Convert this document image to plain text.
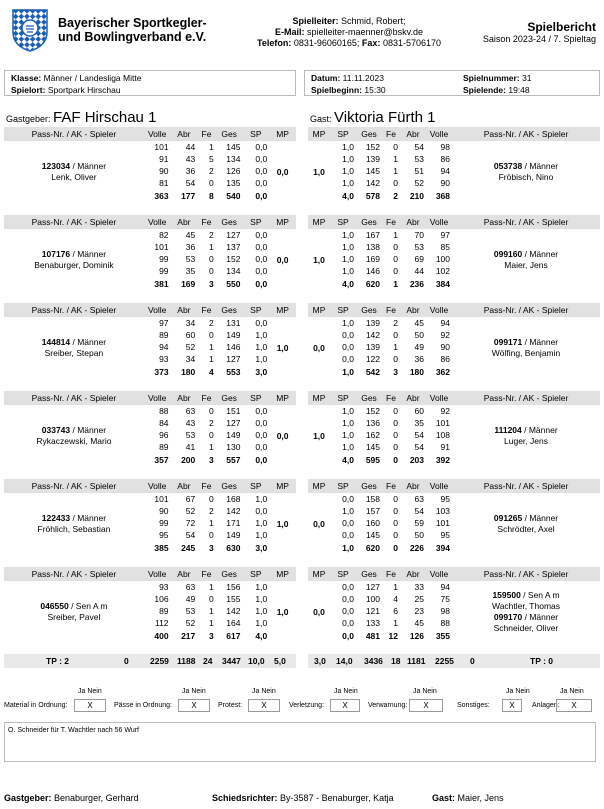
Bayerischer Sportkegler-
und Bowlingverband e.V.
Spielleiter: Schmid, Robert;
E-Mail: spielleiter-maenner@bskv.de
Telefon: 0831-96060165; Fax: 0831-5706170
Spielbericht
Saison 2023-24 / 7. Spieltag
Klasse: Männer / Landesliga Mitte
Spielort: Sportpark Hirschau
Datum: 11.11.2023	Spielnummer: 31
Spielbeginn: 15:30	Spielende: 19:48
Gastgeber: FAF Hirschau 1	Gast: Viktoria Fürth 1
Pass-Nr. / AK - Spieler	Volle	Abr	Fe	Ges	SP	MP
123034 / Männer
Lenk, Oliver	101	44	1	145	0,0	0,0
	91	43	5	134	0,0	
	90	36	2	126	0,0	
	81	54	0	135	0,0	
	363	177	8	540	0,0	
MP	SP	Ges	Fe	Abr	Volle	Pass-Nr. / AK - Spieler
1,0	1,0	152	0	54	98	053738 / Männer
Fröbisch, Nino
	1,0	139	1	53	86	
	1,0	145	1	51	94	
	1,0	142	0	52	90	
	4,0	578	2	210	368	
Pass-Nr. / AK - Spieler	Volle	Abr	Fe	Ges	SP	MP
107176 / Männer
Benaburger, Dominik	82	45	2	127	0,0	0,0
	101	36	1	137	0,0	
	99	53	0	152	0,0	
	99	35	0	134	0,0	
	381	169	3	550	0,0	
MP	SP	Ges	Fe	Abr	Volle	Pass-Nr. / AK - Spieler
1,0	1,0	167	1	70	97	099160 / Männer
Maier, Jens
	1,0	138	0	53	85	
	1,0	169	0	69	100	
	1,0	146	0	44	102	
	4,0	620	1	236	384	
Pass-Nr. / AK - Spieler	Volle	Abr	Fe	Ges	SP	MP
144814 / Männer
Sreiber, Stepan	97	34	2	131	0,0	1,0
	89	60	0	149	1,0	
	94	52	1	146	1,0	
	93	34	1	127	1,0	
	373	180	4	553	3,0	
MP	SP	Ges	Fe	Abr	Volle	Pass-Nr. / AK - Spieler
0,0	1,0	139	2	45	94	099171 / Männer
Wölfing, Benjamin
	0,0	142	0	50	92	
	0,0	139	1	49	90	
	0,0	122	0	36	86	
	1,0	542	3	180	362	
Pass-Nr. / AK - Spieler	Volle	Abr	Fe	Ges	SP	MP
033743 / Männer
Rykaczewski, Mario	88	63	0	151	0,0	0,0
	84	43	2	127	0,0	
	96	53	0	149	0,0	
	89	41	1	130	0,0	
	357	200	3	557	0,0	
MP	SP	Ges	Fe	Abr	Volle	Pass-Nr. / AK - Spieler
1,0	1,0	152	0	60	92	111204 / Männer
Luger, Jens
	1,0	136	0	35	101	
	1,0	162	0	54	108	
	1,0	145	0	54	91	
	4,0	595	0	203	392	
Pass-Nr. / AK - Spieler	Volle	Abr	Fe	Ges	SP	MP
122433 / Männer
Fröhlich, Sebastian	101	67	0	168	1,0	1,0
	90	52	2	142	0,0	
	99	72	1	171	1,0	
	95	54	0	149	1,0	
	385	245	3	630	3,0	
MP	SP	Ges	Fe	Abr	Volle	Pass-Nr. / AK - Spieler
0,0	0,0	158	0	63	95	091265 / Männer
Schrödter, Axel
	1,0	157	0	54	103	
	0,0	160	0	59	101	
	0,0	145	0	50	95	
	1,0	620	0	226	394	
Pass-Nr. / AK - Spieler	Volle	Abr	Fe	Ges	SP	MP
046550 / Sen A m
Sreiber, Pavel	93	63	1	156	1,0	1,0
	106	49	0	155	1,0	
	89	53	1	142	1,0	
	112	52	1	164	1,0	
	400	217	3	617	4,0	
MP	SP	Ges	Fe	Abr	Volle	Pass-Nr. / AK - Spieler
0,0	0,0	127	1	33	94	159500 / Sen A m
Wachtler, Thomas
099170 / Männer
Schneider, Oliver
	0,0	100	4	25	75	
	0,0	121	6	23	98	
	0,0	133	1	45	88	
	0,0	481	12	126	355	
TP : 2	0	2259 1188 24 3447 10,0 5,0	3,0 14,0 3436 18 1181 2255 0	TP : 0
Ja Nein
Material in Ordnung:	X
Ja Nein
Pässe in Ordnung:	X
Ja Nein
Protest:	X
Ja Nein
Verletzung:	X
Ja Nein
Verwarnung:	X
Ja Nein
Sonstiges:	X
Ja Nein
Anlagen:	X
O. Schneider für T. Wachtler nach 56 Wurf
Gastgeber: Benaburger, Gerhard	Schiedsrichter: By-3587 - Benaburger, Katja	Gast: Maier, Jens
